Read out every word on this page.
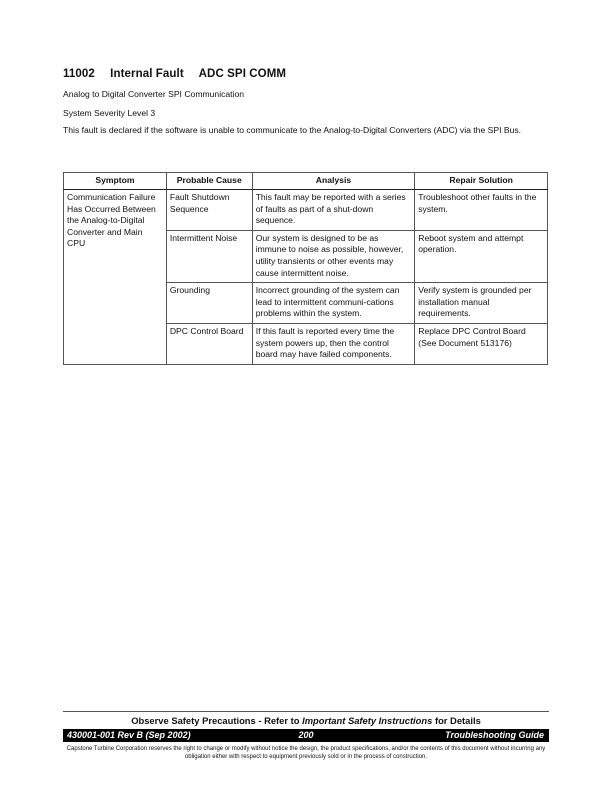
11002 Internal Fault ADC SPI COMM
Analog to Digital Converter SPI Communication
System Severity Level 3
This fault is declared if the software is unable to communicate to the Analog-to-Digital Converters (ADC) via the SPI Bus.
Symptom	Probable Cause	Analysis	Repair Solution
Communication Failure Has Occurred Between the Analog-to-Digital Converter and Main CPU	Fault Shutdown Sequence	This fault may be reported with a series of faults as part of a shut-down sequence.	Troubleshoot other faults in the system.
	Intermittent Noise	Our system is designed to be as immune to noise as possible, however, utility transients or other events may cause intermittent noise.	Reboot system and attempt operation.
	Grounding	Incorrect grounding of the system can lead to intermittent communi-cations problems within the system.	Verify system is grounded per installation manual requirements.
	DPC Control Board	If this fault is reported every time the system powers up, then the control board may have failed components.	Replace DPC Control Board (See Document 513176)
Observe Safety Precautions - Refer to Important Safety Instructions for Details
430001-001 Rev B (Sep 2002)	200	Troubleshooting Guide
Capstone Turbine Corporation reserves the right to change or modify without notice the design, the product specifications, and/or the contents of this document without incurring any obligation either with respect to equipment previously sold or in the process of construction.
